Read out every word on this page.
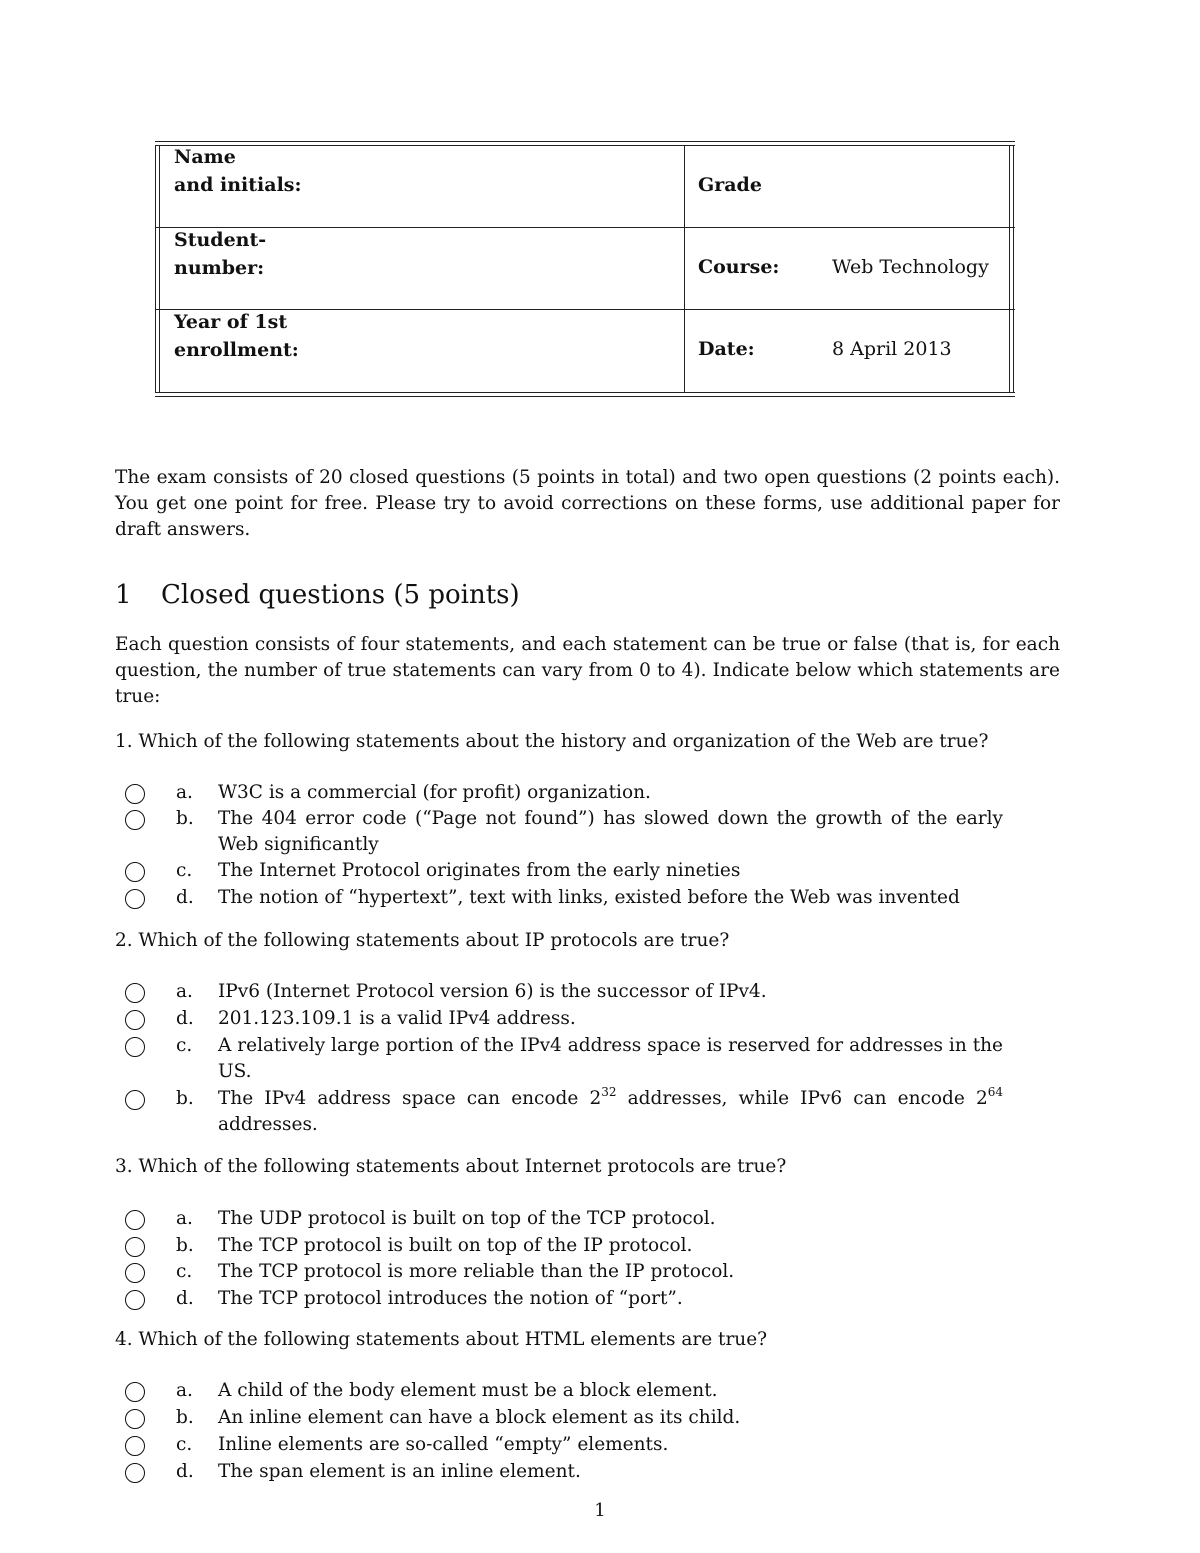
Name
and initials:	Grade
Student-
number:	Course:	Web Technology
Year of 1st
enrollment:	Date:	8 April 2013
The exam consists of 20 closed questions (5 points in total) and two open questions (2 points each). You get one point for free. Please try to avoid corrections on these forms, use additional paper for draft answers.
1 Closed questions (5 points)
Each question consists of four statements, and each statement can be true or false (that is, for each question, the number of true statements can vary from 0 to 4). Indicate below which statements are true:
1. Which of the following statements about the history and organization of the Web are true?
a. W3C is a commercial (for profit) organization.
b. The 404 error code (“Page not found”) has slowed down the growth of the early Web significantly
c. The Internet Protocol originates from the early nineties
d. The notion of “hypertext”, text with links, existed before the Web was invented
2. Which of the following statements about IP protocols are true?
a. IPv6 (Internet Protocol version 6) is the successor of IPv4.
d. 201.123.109.1 is a valid IPv4 address.
c. A relatively large portion of the IPv4 address space is reserved for addresses in the US.
b. The IPv4 address space can encode $2^{32}$ addresses, while IPv6 can encode $2^{64}$ addresses.
3. Which of the following statements about Internet protocols are true?
a. The UDP protocol is built on top of the TCP protocol.
b. The TCP protocol is built on top of the IP protocol.
c. The TCP protocol is more reliable than the IP protocol.
d. The TCP protocol introduces the notion of “port”.
4. Which of the following statements about HTML elements are true?
a. A child of the body element must be a block element.
b. An inline element can have a block element as its child.
c. Inline elements are so-called “empty” elements.
d. The span element is an inline element.
1
